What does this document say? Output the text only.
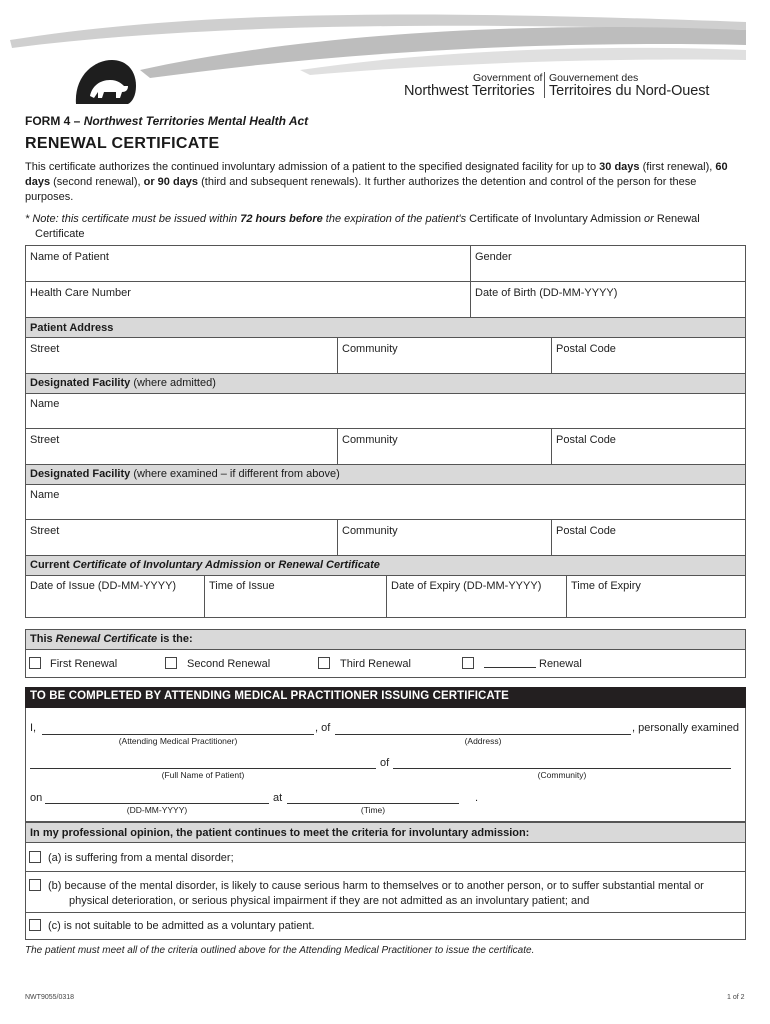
Government of
Northwest Territories
Gouvernement des
Territoires du Nord-Ouest
FORM 4 – Northwest Territories Mental Health Act
RENEWAL CERTIFICATE
This certificate authorizes the continued involuntary admission of a patient to the specified designated facility for up to 30 days (first renewal), 60 days (second renewal), or 90 days (third and subsequent renewals). It further authorizes the detention and control of the person for these purposes.
* Note: this certificate must be issued within 72 hours before the expiration of the patient's Certificate of Involuntary Admission or Renewal
Certificate
Name of Patient	Gender
Health Care Number	Date of Birth (DD-MM-YYYY)
Patient Address
Street	Community	Postal Code
Designated Facility (where admitted)
Name
Street	Community	Postal Code
Designated Facility (where examined – if different from above)
Name
Street	Community	Postal Code
Current Certificate of Involuntary Admission or Renewal Certificate
Date of Issue (DD-MM-YYYY)	Time of Issue	Date of Expiry (DD-MM-YYYY)	Time of Expiry
This Renewal Certificate is the:
First Renewal	Second Renewal	Third Renewal	Renewal
TO BE COMPLETED BY ATTENDING MEDICAL PRACTITIONER ISSUING CERTIFICATE
I,	, of	, personally examined
(Attending Medical Practitioner)	(Address)
of
(Full Name of Patient)	(Community)
on	at	.
(DD-MM-YYYY)	(Time)
In my professional opinion, the patient continues to meet the criteria for involuntary admission:
(a) is suffering from a mental disorder;
(b) because of the mental disorder, is likely to cause serious harm to themselves or to another person, or to suffer substantial mental or
physical deterioration, or serious physical impairment if they are not admitted as an involuntary patient; and
(c) is not suitable to be admitted as a voluntary patient.
The patient must meet all of the criteria outlined above for the Attending Medical Practitioner to issue the certificate.
NWT9055/0318	1 of 2
